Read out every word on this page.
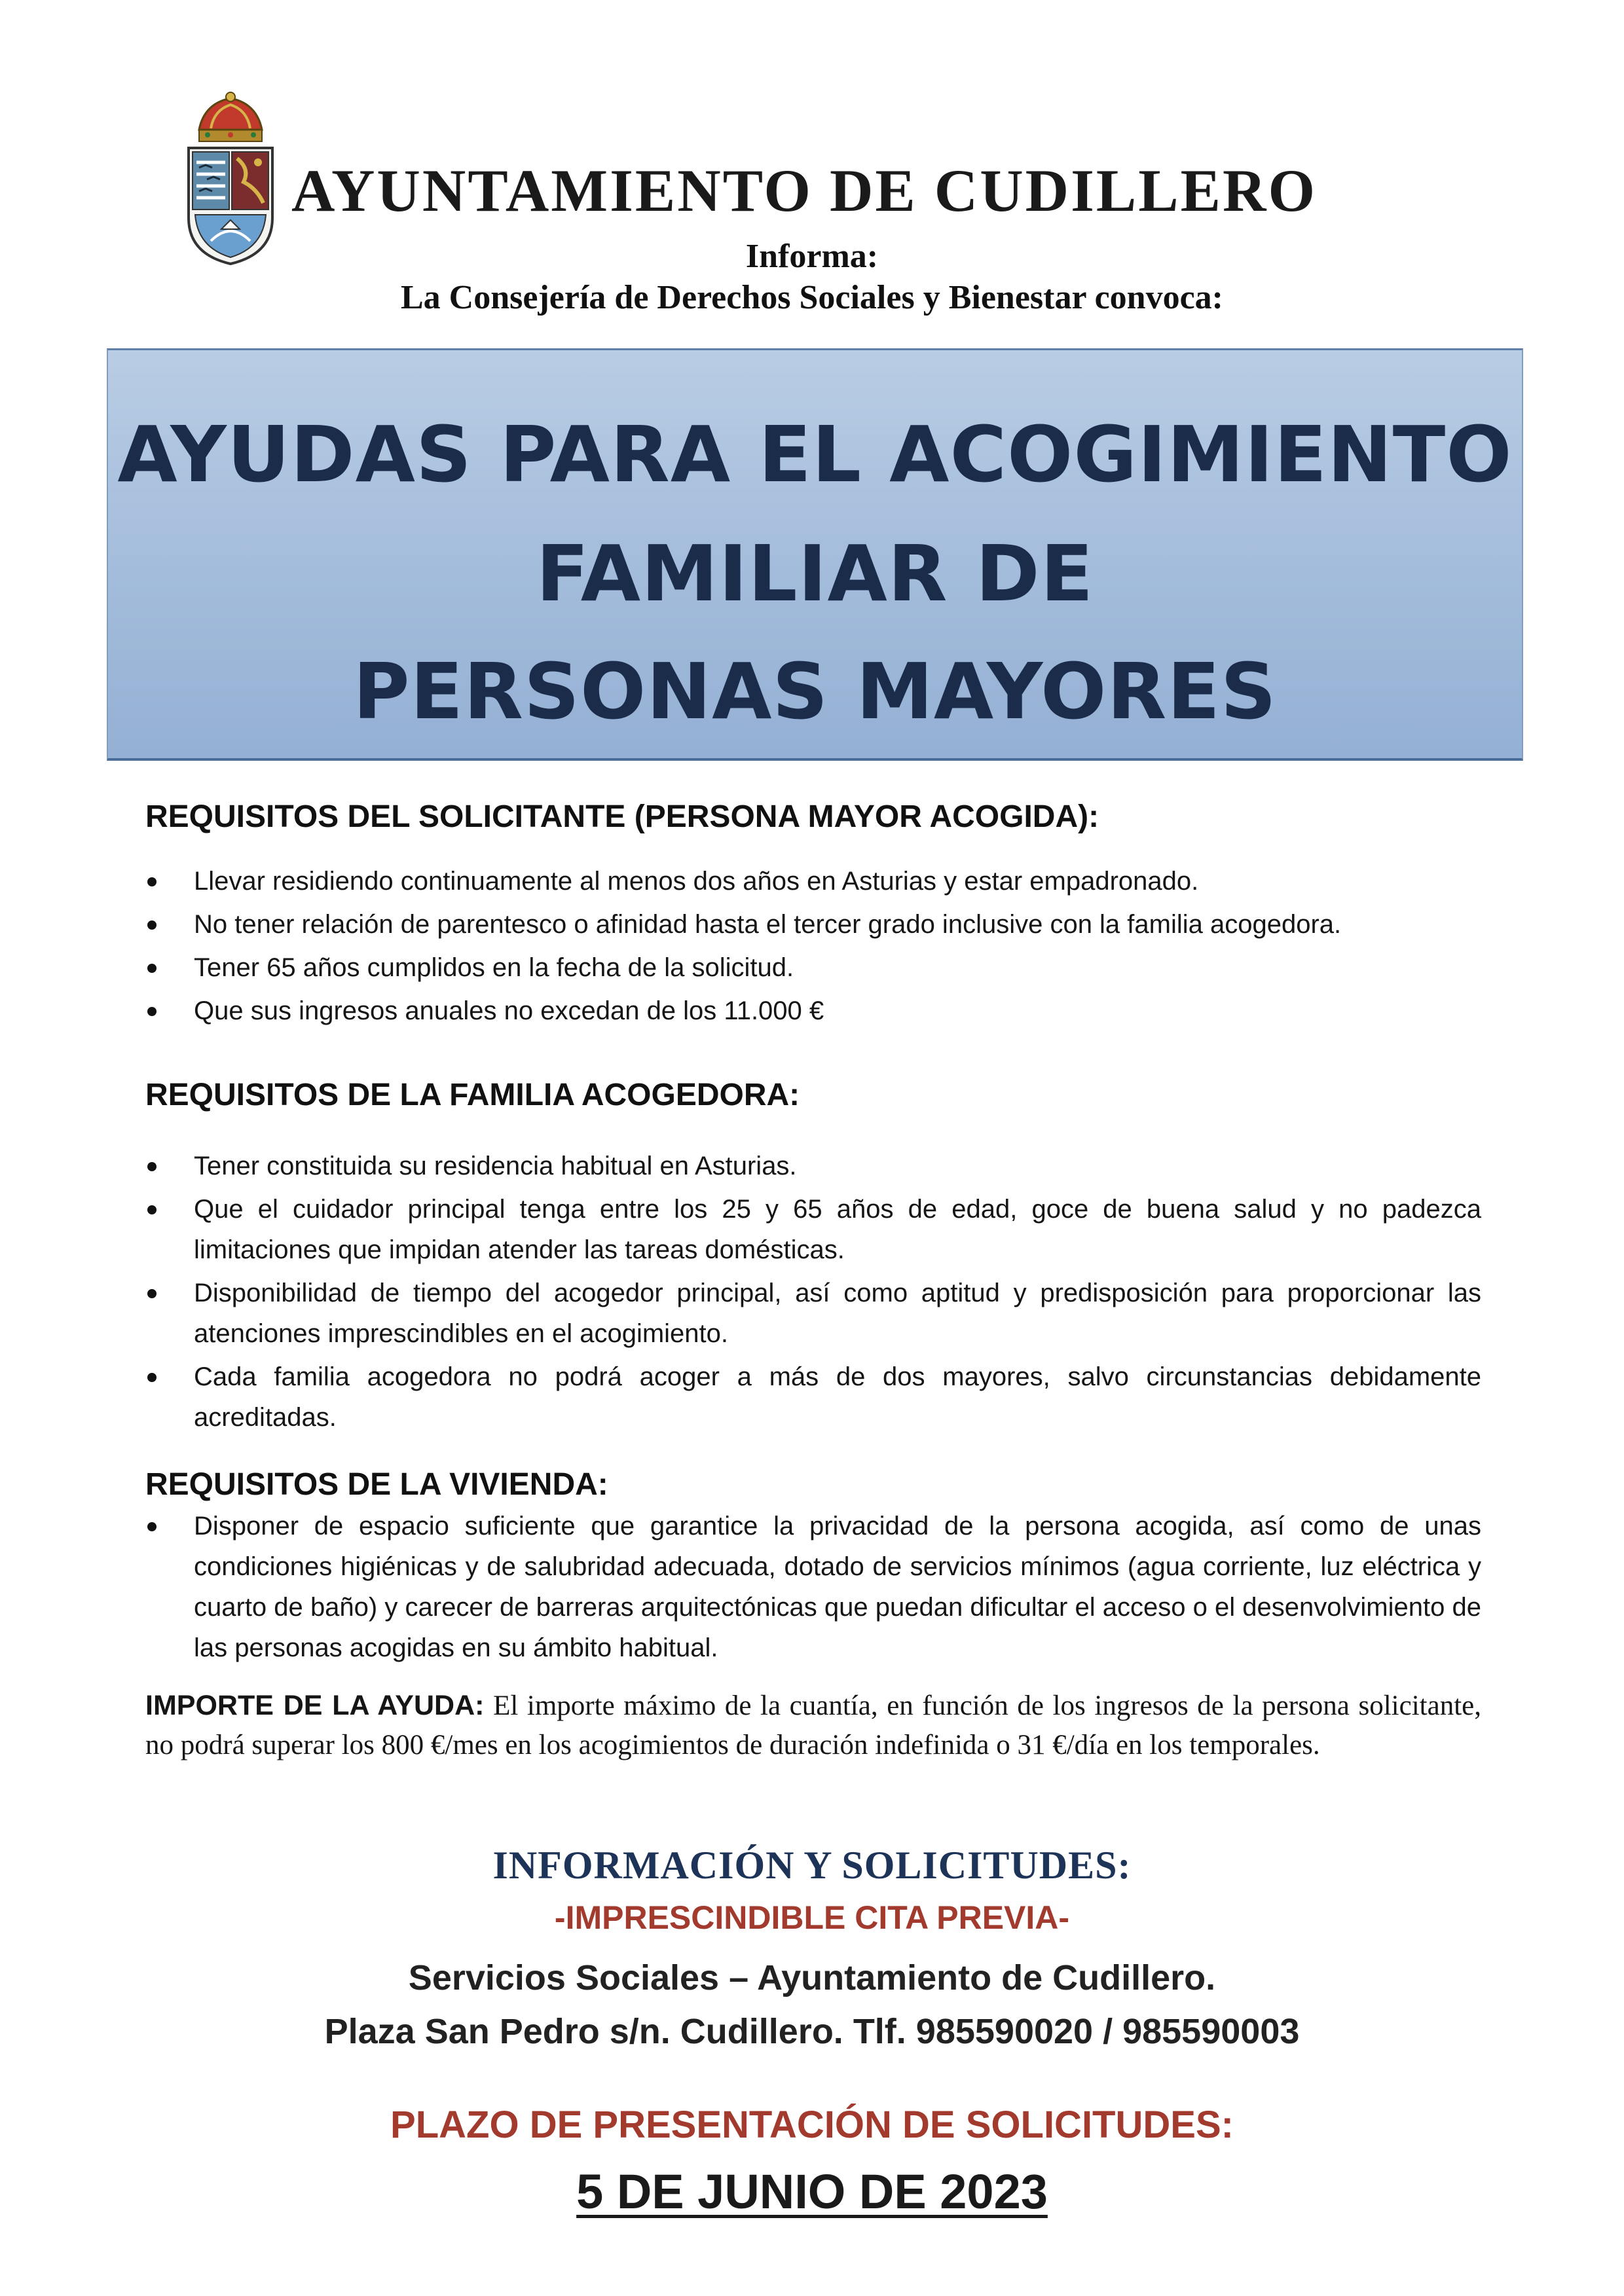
AYUNTAMIENTO DE CUDILLERO
Informa:
La Consejería de Derechos Sociales y Bienestar convoca:
AYUDAS PARA EL ACOGIMIENTO
FAMILIAR DE
PERSONAS MAYORES
REQUISITOS DEL SOLICITANTE (PERSONA MAYOR ACOGIDA):
Llevar residiendo continuamente al menos dos años en Asturias y estar empadronado.
No tener relación de parentesco o afinidad hasta el tercer grado inclusive con la familia acogedora.
Tener 65 años cumplidos en la fecha de la solicitud.
Que sus ingresos anuales no excedan de los 11.000 €
REQUISITOS DE LA FAMILIA ACOGEDORA:
Tener constituida su residencia habitual en Asturias.
Que el cuidador principal tenga entre los 25 y 65 años de edad, goce de buena salud y no padezca limitaciones que impidan atender las tareas domésticas.
Disponibilidad de tiempo del acogedor principal, así como aptitud y predisposición para proporcionar las atenciones imprescindibles en el acogimiento.
Cada familia acogedora no podrá acoger a más de dos mayores, salvo circunstancias debidamente acreditadas.
REQUISITOS DE LA VIVIENDA:
Disponer de espacio suficiente que garantice la privacidad de la persona acogida, así como de unas condiciones higiénicas y de salubridad adecuada, dotado de servicios mínimos (agua corriente, luz eléctrica y cuarto de baño) y carecer de barreras arquitectónicas que puedan dificultar el acceso o el desenvolvimiento de las personas acogidas en su ámbito habitual.
IMPORTE DE LA AYUDA: El importe máximo de la cuantía, en función de los ingresos de la persona solicitante, no podrá superar los 800 €/mes en los acogimientos de duración indefinida o 31 €/día en los temporales.
INFORMACIÓN Y SOLICITUDES:
-IMPRESCINDIBLE CITA PREVIA-
Servicios Sociales – Ayuntamiento de Cudillero.
Plaza San Pedro s/n. Cudillero. Tlf. 985590020 / 985590003
PLAZO DE PRESENTACIÓN DE SOLICITUDES:
5 DE JUNIO DE 2023
